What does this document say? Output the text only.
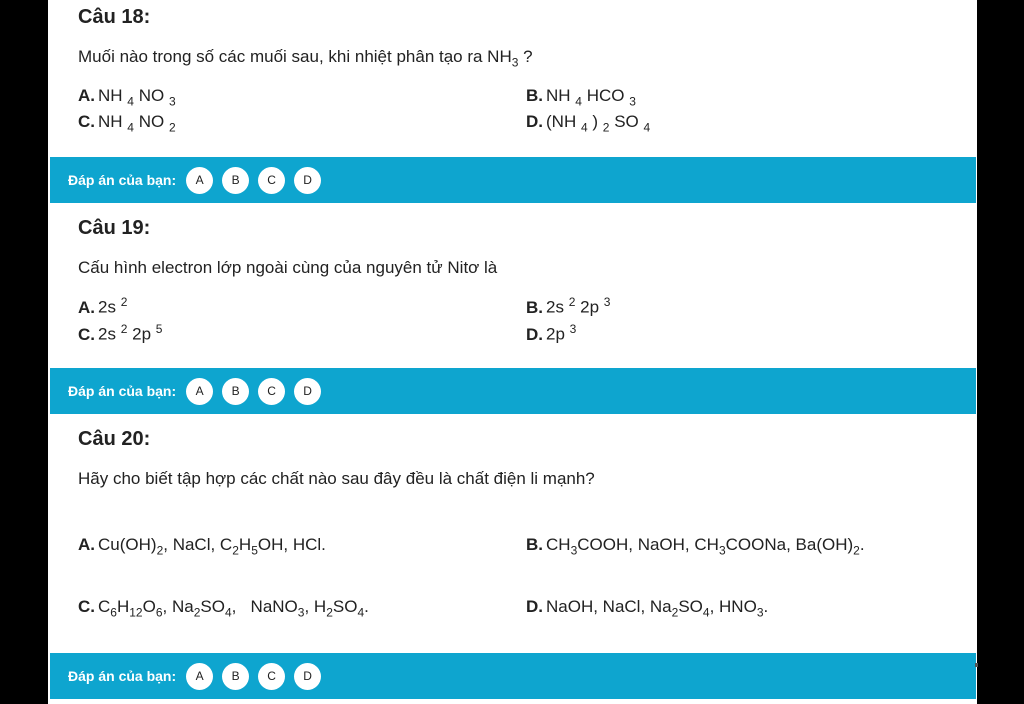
Câu 18:
Muối nào trong số các muối sau, khi nhiệt phân tạo ra $NH_3$ ?
A. NH $_4$ NO $_3$	B. NH $_4$ HCO $_3$
C. NH $_4$ NO $_2$	D. (NH $_4$ ) $_2$ SO $_4$
Đáp án của bạn:	A	B	C	D
Câu 19:
Cấu hình electron lớp ngoài cùng của nguyên tử Nitơ là
A. 2s $^2$	B. 2s $^2$ 2p $^3$
C. 2s $^2$ 2p $^5$	D. 2p $^3$
Đáp án của bạn:	A	B	C	D
Câu 20:
Hãy cho biết tập hợp các chất nào sau đây đều là chất điện li mạnh?
A. $Cu(OH)_2$, NaCl, $C_2H_5OH$, HCl.	B. $CH_3COOH$, NaOH, $CH_3COONa$, $Ba(OH)_2$.
C. $C_6H_{12}O_6$, $Na_2SO_4$,   NaNO$_3$, $H_2SO_4$.	D. NaOH, NaCl, $Na_2SO_4$, $HNO_3$.
Đáp án của bạn:	A	B	C	D
